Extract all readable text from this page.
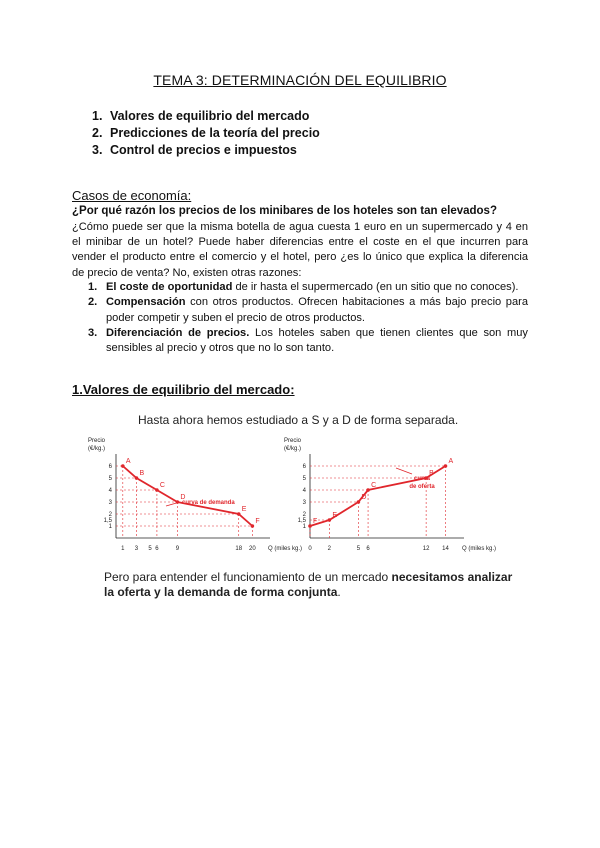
TEMA 3: DETERMINACIÓN DEL EQUILIBRIO
1. Valores de equilibrio del mercado
2. Predicciones de la teoría del precio
3. Control de precios e impuestos
Casos de economía:
¿Por qué razón los precios de los minibares de los hoteles son tan elevados?

¿Cómo puede ser que la misma botella de agua cuesta 1 euro en un supermercado y 4 en el minibar de un hotel? Puede haber diferencias entre el coste en el que incurren para vender el producto entre el comercio y el hotel, pero ¿es lo único que explica la diferencia de precio de venta? No, existen otras razones:

1. El coste de oportunidad de ir hasta el supermercado (en un sitio que no conoces).
2. Compensación con otros productos. Ofrecen habitaciones a más bajo precio para poder competir y suben el precio de otros productos.
3. Diferenciación de precios. Los hoteles saben que tienen clientes que son muy sensibles al precio y otros que no lo son tanto.
1.Valores de equilibrio del mercado:
Hasta ahora hemos estudiado a S y a D de forma separada.
Precio
(€/kg.)
Q (miles kg.)
6
5
4
3
2
1,5
1
1 3 5 6	9	18 20
A
B
C
D
E
F
curva de demanda
Precio
(€/kg.)
Q (miles kg.)
6
5
4
3
2
1,5
1
0	2	5 6	12 14
F
E
D
C
B
A
curva
de oferta
Pero para entender el funcionamiento de un mercado necesitamos analizar la oferta y la demanda de forma conjunta.
